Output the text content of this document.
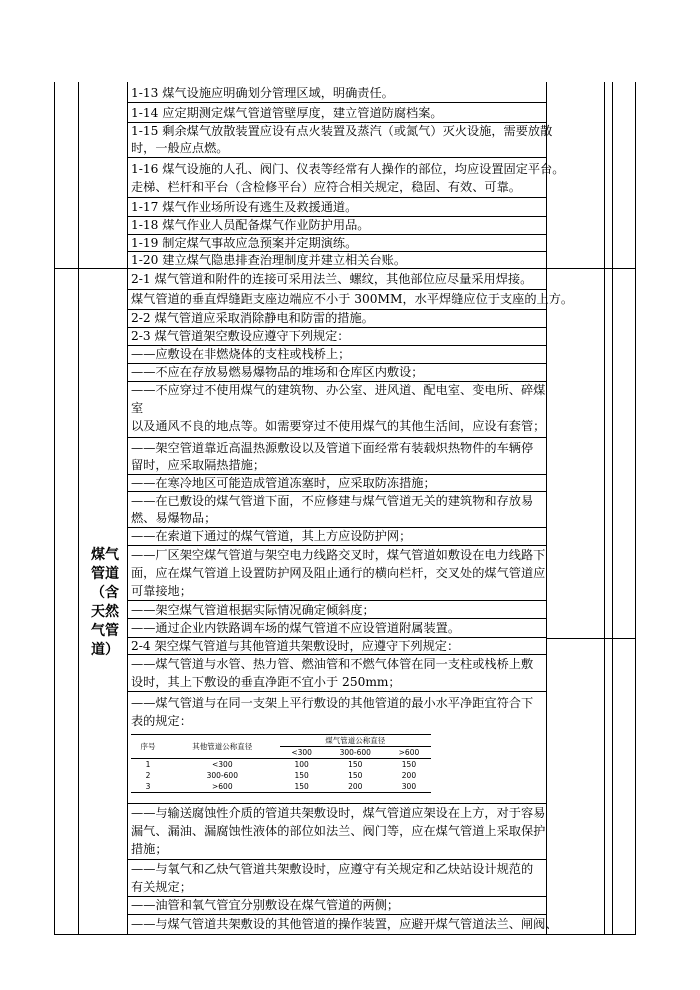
1-13 煤气设施应明确划分管理区域，明确责任。
1-14 应定期测定煤气管道管壁厚度，建立管道防腐档案。
1-15 剩余煤气放散装置应设有点火装置及蒸汽（或氮气）灭火设施，需要放散
时，一般应点燃。
1-16 煤气设施的人孔、阀门、仪表等经常有人操作的部位，均应设置固定平台。
走梯、栏杆和平台（含检修平台）应符合相关规定，稳固、有效、可靠。
1-17 煤气作业场所设有逃生及救援通道。
1-18 煤气作业人员配备煤气作业防护用品。
1-19 制定煤气事故应急预案并定期演练。
1-20 建立煤气隐患排查治理制度并建立相关台账。
煤气
管道
（含
天然
气管
道）
2-1 煤气管道和附件的连接可采用法兰、螺纹，其他部位应尽量采用焊接。
煤气管道的垂直焊缝距支座边端应不小于 300MM，水平焊缝应位于支座的上方。
2-2 煤气管道应采取消除静电和防雷的措施。
2-3 煤气管道架空敷设应遵守下列规定：
——应敷设在非燃烧体的支柱或栈桥上；
——不应在存放易燃易爆物品的堆场和仓库区内敷设；
——不应穿过不使用煤气的建筑物、办公室、进风道、配电室、变电所、碎煤
室
以及通风不良的地点等。如需要穿过不使用煤气的其他生活间，应设有套管；
——架空管道靠近高温热源敷设以及管道下面经常有装载炽热物件的车辆停
留时，应采取隔热措施；
——在寒冷地区可能造成管道冻塞时，应采取防冻措施；
——在已敷设的煤气管道下面，不应修建与煤气管道无关的建筑物和存放易
燃、易爆物品；
——在索道下通过的煤气管道，其上方应设防护网；
——厂区架空煤气管道与架空电力线路交叉时，煤气管道如敷设在电力线路下
面，应在煤气管道上设置防护网及阻止通行的横向栏杆，交叉处的煤气管道应
可靠接地；
——架空煤气管道根据实际情况确定倾斜度；
——通过企业内铁路调车场的煤气管道不应设管道附属装置。
2-4 架空煤气管道与其他管道共架敷设时，应遵守下列规定：
——煤气管道与水管、热力管、燃油管和不燃气体管在同一支柱或栈桥上敷
设时，其上下敷设的垂直净距不宜小于 250mm；
——煤气管道与在同一支架上平行敷设的其他管道的最小水平净距宜符合下
表的规定：
序号	其他管道公称直径	煤气管道公称直径		
		<300	300-600	>600
1	<300	100	150	150
2	300-600	150	150	200
3	>600	150	200	300
——与输送腐蚀性介质的管道共架敷设时，煤气管道应架设在上方，对于容易
漏气、漏油、漏腐蚀性液体的部位如法兰、阀门等，应在煤气管道上采取保护
措施；
——与氧气和乙炔气管道共架敷设时，应遵守有关规定和乙炔站设计规范的
有关规定；
——油管和氧气管宜分别敷设在煤气管道的两侧；
——与煤气管道共架敷设的其他管道的操作装置，应避开煤气管道法兰、闸阀、
